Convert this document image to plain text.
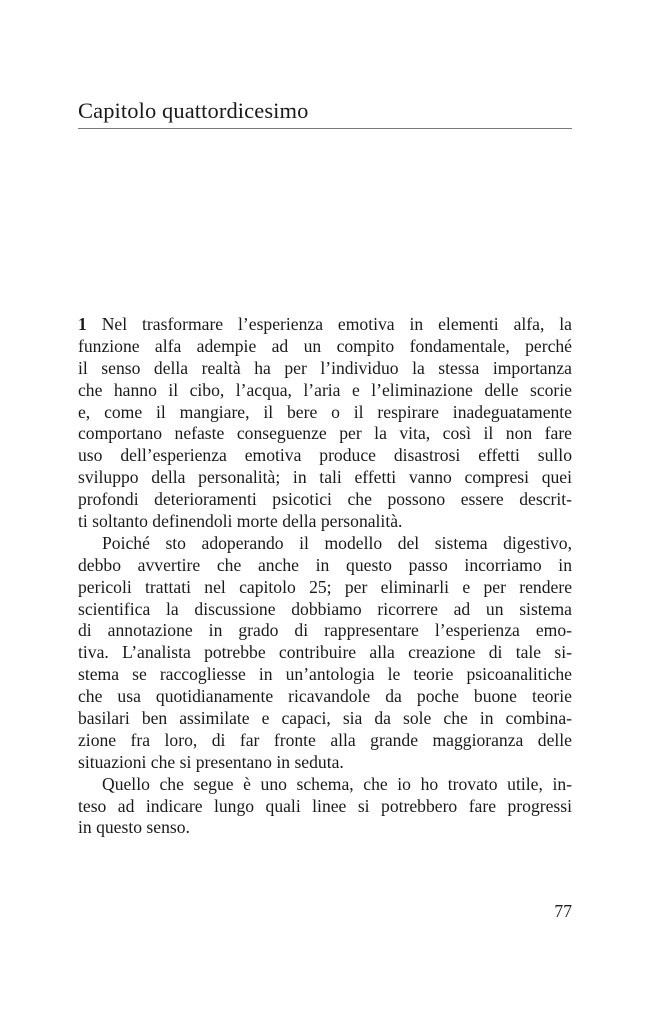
Capitolo quattordicesimo
1 Nel trasformare l’esperienza emotiva in elementi alfa, la
funzione alfa adempie ad un compito fondamentale, perché
il senso della realtà ha per l’individuo la stessa importanza
che hanno il cibo, l’acqua, l’aria e l’eliminazione delle scorie
e, come il mangiare, il bere o il respirare inadeguatamente
comportano nefaste conseguenze per la vita, così il non fare
uso dell’esperienza emotiva produce disastrosi effetti sullo
sviluppo della personalità; in tali effetti vanno compresi quei
profondi deterioramenti psicotici che possono essere descrit-
ti soltanto definendoli morte della personalità.
Poiché sto adoperando il modello del sistema digestivo,
debbo avvertire che anche in questo passo incorriamo in
pericoli trattati nel capitolo 25; per eliminarli e per rendere
scientifica la discussione dobbiamo ricorrere ad un sistema
di annotazione in grado di rappresentare l’esperienza emo-
tiva. L’analista potrebbe contribuire alla creazione di tale si-
stema se raccogliesse in un’antologia le teorie psicoanalitiche
che usa quotidianamente ricavandole da poche buone teorie
basilari ben assimilate e capaci, sia da sole che in combina-
zione fra loro, di far fronte alla grande maggioranza delle
situazioni che si presentano in seduta.
Quello che segue è uno schema, che io ho trovato utile, in-
teso ad indicare lungo quali linee si potrebbero fare progressi
in questo senso.
77
